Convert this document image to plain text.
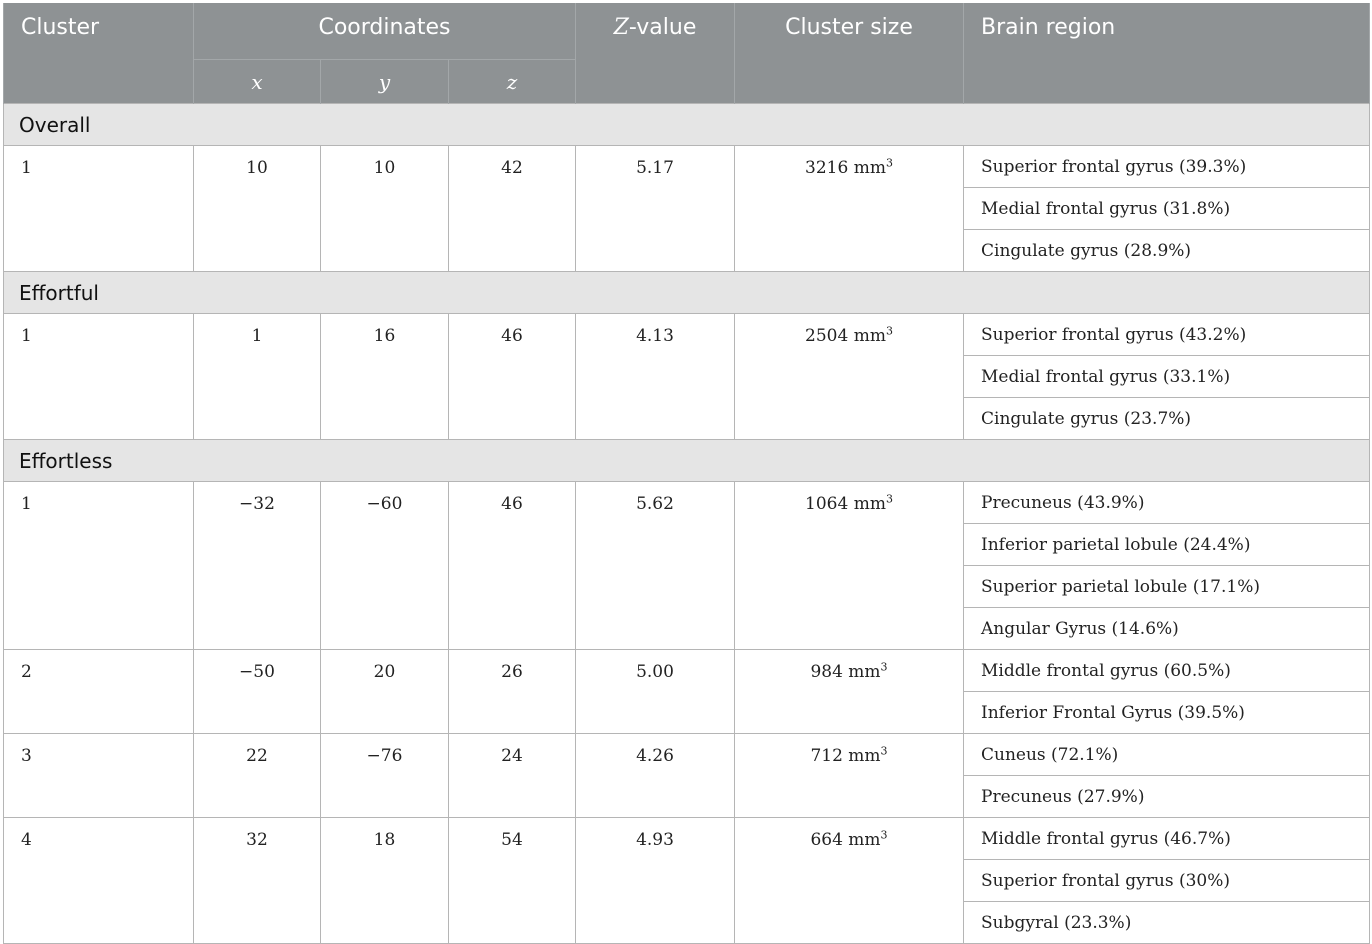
Cluster	Coordinates			Z-value	Cluster size	Brain region
	x	y	z			
Overall						
1	10	10	42	5.17	3216 $mm^3$	Superior frontal gyrus (39.3%)
						Medial frontal gyrus (31.8%)
						Cingulate gyrus (28.9%)
Effortful						
1	1	16	46	4.13	2504 $mm^3$	Superior frontal gyrus (43.2%)
						Medial frontal gyrus (33.1%)
						Cingulate gyrus (23.7%)
Effortless						
1	−32	−60	46	5.62	1064 $mm^3$	Precuneus (43.9%)
						Inferior parietal lobule (24.4%)
						Superior parietal lobule (17.1%)
						Angular Gyrus (14.6%)
2	−50	20	26	5.00	984 $mm^3$	Middle frontal gyrus (60.5%)
						Inferior Frontal Gyrus (39.5%)
3	22	−76	24	4.26	712 $mm^3$	Cuneus (72.1%)
						Precuneus (27.9%)
4	32	18	54	4.93	664 $mm^3$	Middle frontal gyrus (46.7%)
						Superior frontal gyrus (30%)
						Subgyral (23.3%)
